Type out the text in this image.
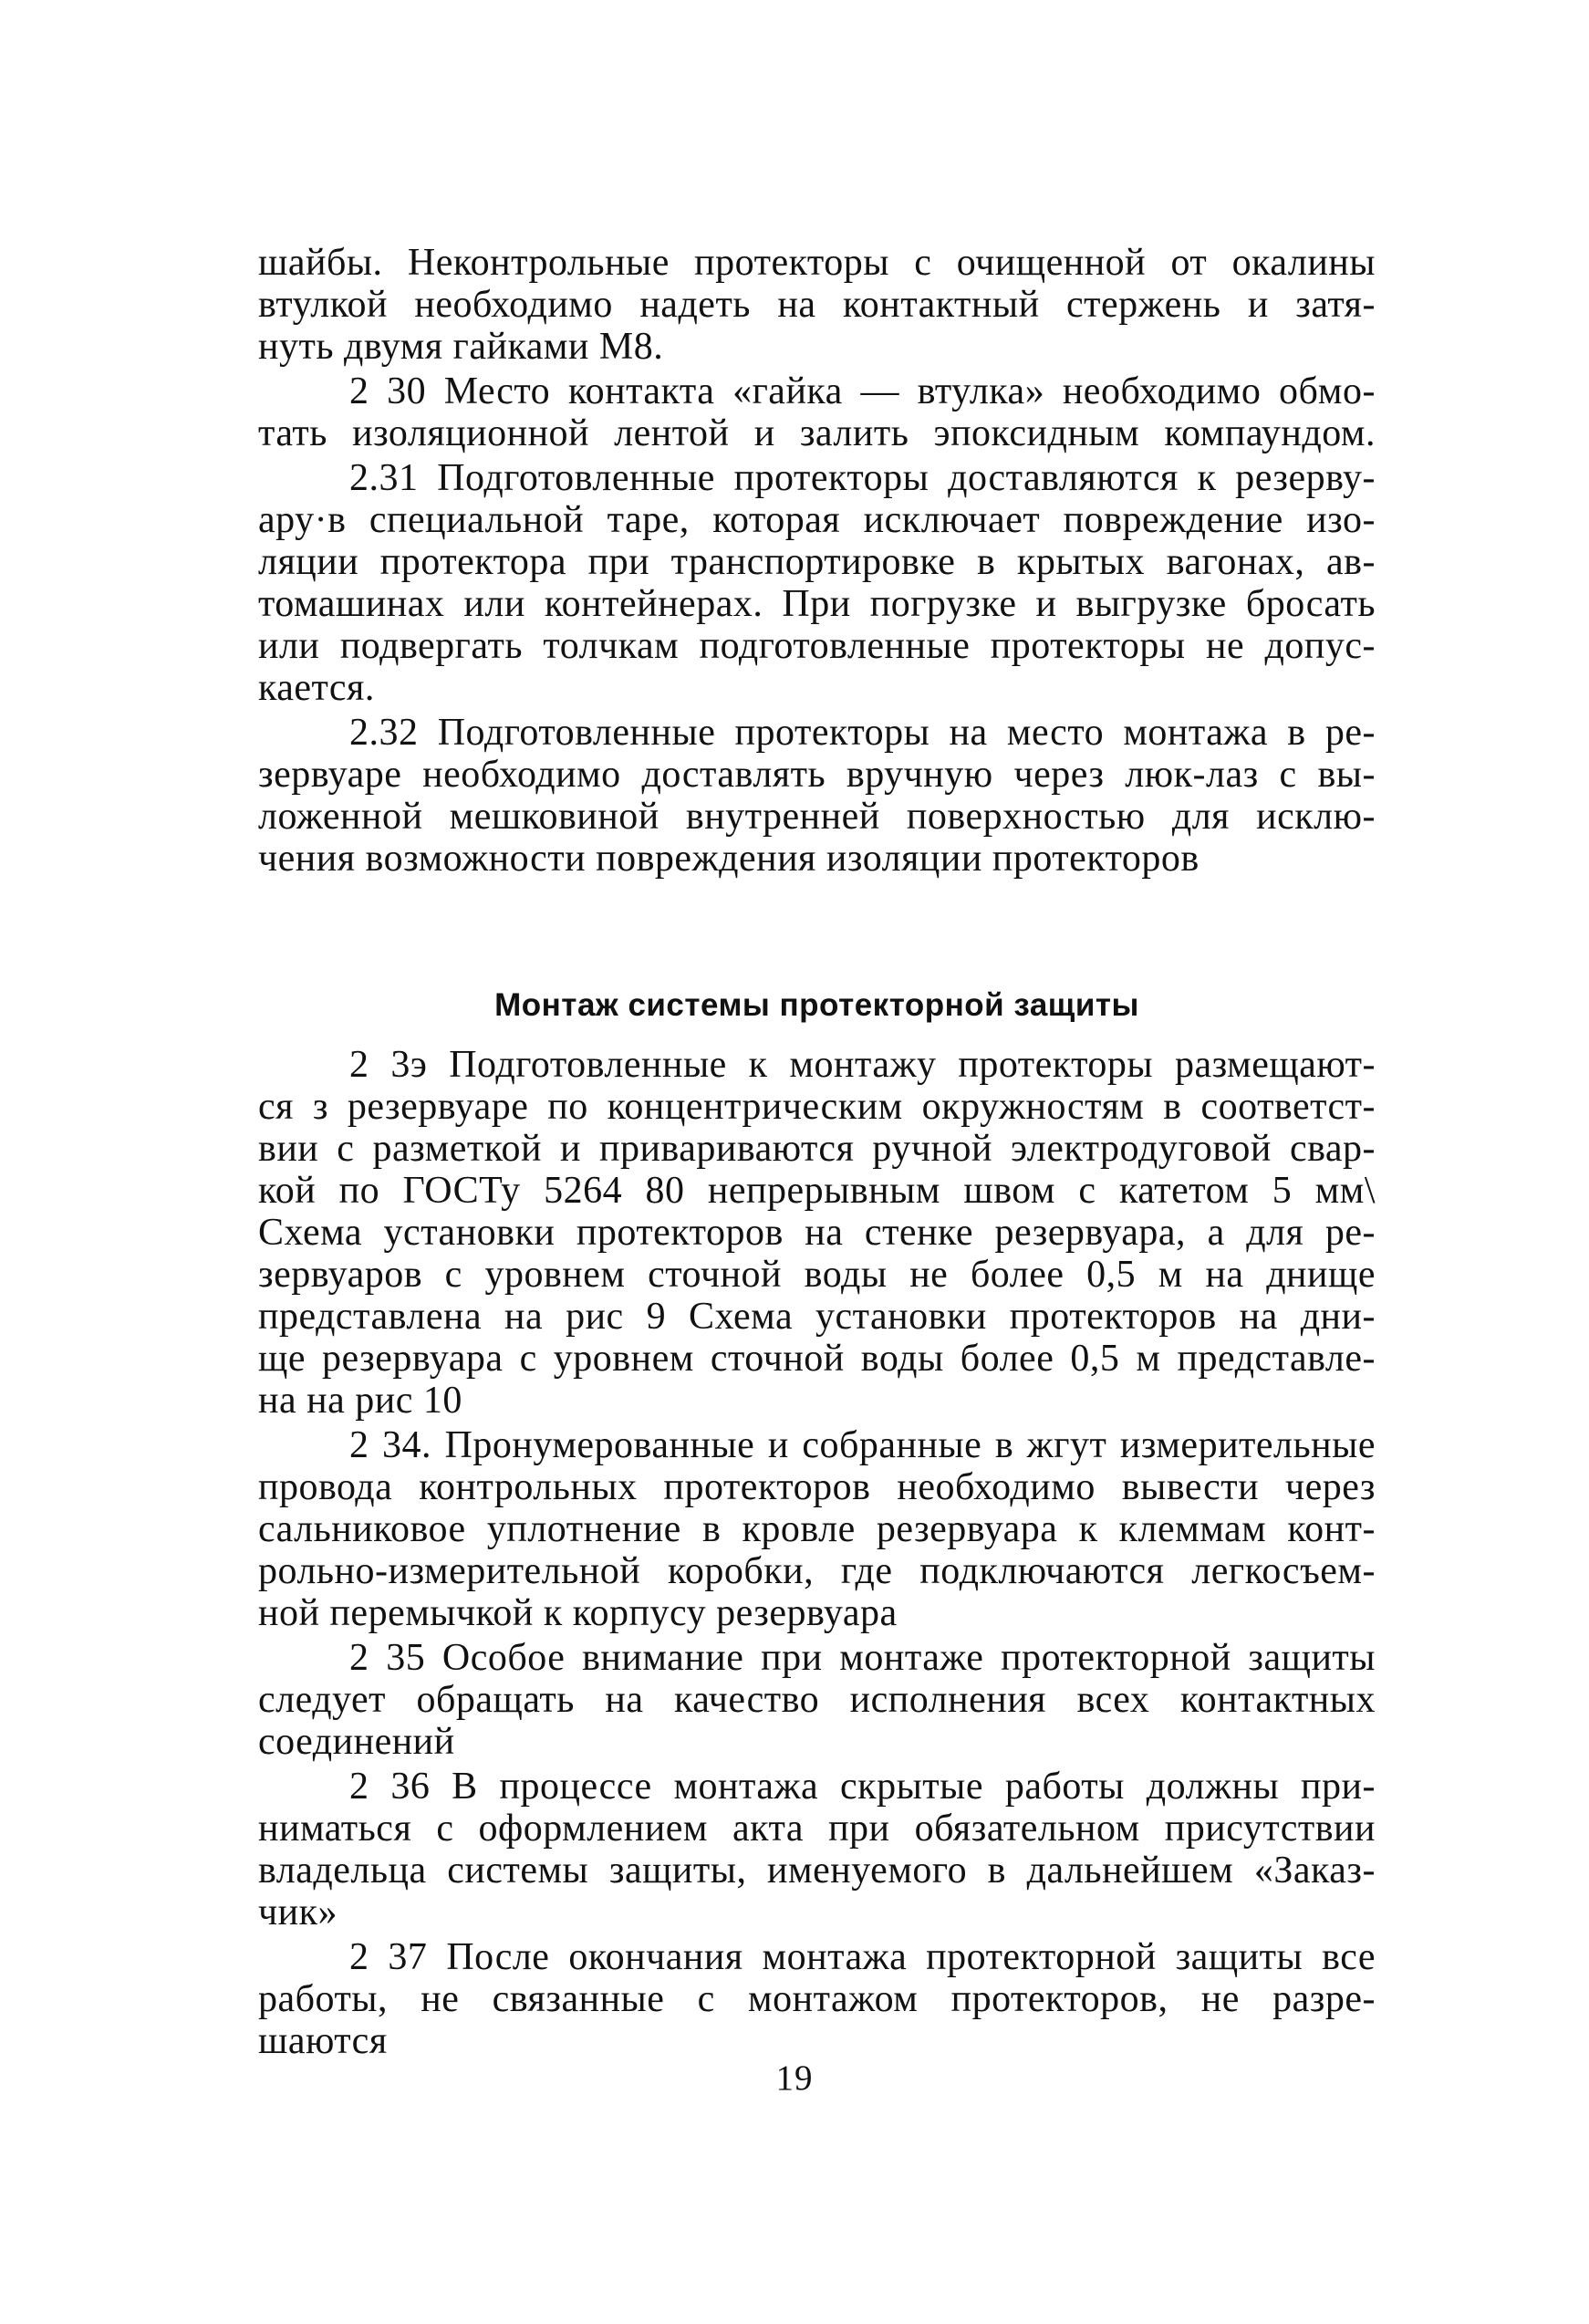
шайбы. Неконтрольные протекторы с очищенной от окалины
втулкой необходимо надеть на контактный стержень и затя-
нуть двумя гайками М8.
2 30 Место контакта «гайка — втулка» необходимо обмо-
тать изоляционной лентой и залить эпоксидным компаундом.
2.31 Подготовленные протекторы доставляются к резерву-
ару·в специальной таре, которая исключает повреждение изо-
ляции протектора при транспортировке в крытых вагонах, ав-
томашинах или контейнерах. При погрузке и выгрузке бросать
или подвергать толчкам подготовленные протекторы не допус-
кается.
2.32 Подготовленные протекторы на место монтажа в ре-
зервуаре необходимо доставлять вручную через люк-лаз с вы-
ложенной мешковиной внутренней поверхностью для исклю-
чения возможности повреждения изоляции протекторов
Монтаж системы протекторной защиты
2 3э Подготовленные к монтажу протекторы размещают-
ся з резервуаре по концентрическим окружностям в соответст-
вии с разметкой и привариваются ручной электродуговой свар-
кой по ГОСТу 5264 80 непрерывным швом с катетом 5 мм\
Схема установки протекторов на стенке резервуара, а для ре-
зервуаров с уровнем сточной воды не более 0,5 м на днище
представлена на рис 9 Схема установки протекторов на дни-
ще резервуара с уровнем сточной воды более 0,5 м представле-
на на рис 10
2 34. Пронумерованные и собранные в жгут измерительные
провода контрольных протекторов необходимо вывести через
сальниковое уплотнение в кровле резервуара к клеммам конт-
рольно-измерительной коробки, где подключаются легкосъем-
ной перемычкой к корпусу резервуара
2 35 Особое внимание при монтаже протекторной защиты
следует обращать на качество исполнения всех контактных
соединений
2 36 В процессе монтажа скрытые работы должны при-
ниматься с оформлением акта при обязательном присутствии
владельца системы защиты, именуемого в дальнейшем «Заказ-
чик»
2 37 После окончания монтажа протекторной защиты все
работы, не связанные с монтажом протекторов, не разре-
шаются
19
